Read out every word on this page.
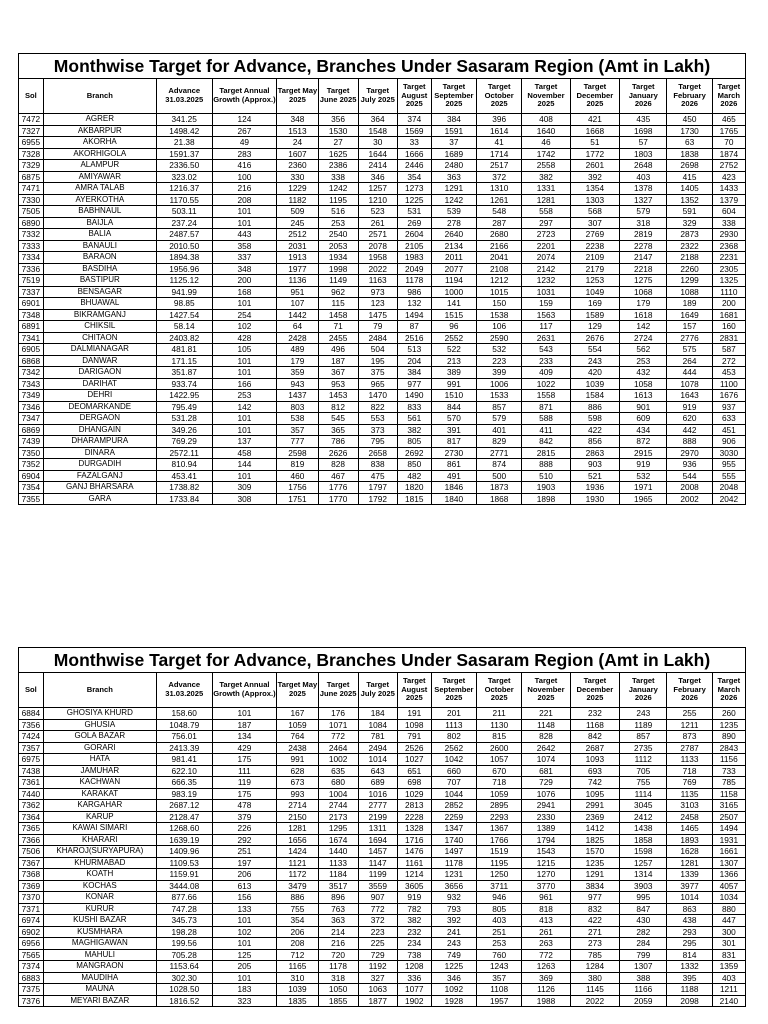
Monthwise Target for Advance, Branches Under Sasaram Region (Amt in Lakh)														
Sol	Branch	Advance 31.03.2025	Target Annual Growth (Approx.)	Target May 2025	Target June 2025	Target July 2025	Target August 2025	Target September 2025	Target October 2025	Target November 2025	Target December 2025	Target January 2026	Target February 2026	Target March 2026
7472	AGRER	341.25	124	348	356	364	374	384	396	408	421	435	450	465
7327	AKBARPUR	1498.42	267	1513	1530	1548	1569	1591	1614	1640	1668	1698	1730	1765
6955	AKORHA	21.38	49	24	27	30	33	37	41	46	51	57	63	70
7328	AKORHIGOLA	1591.37	283	1607	1625	1644	1666	1689	1714	1742	1772	1803	1838	1874
7329	ALAMPUR	2336.50	416	2360	2386	2414	2446	2480	2517	2558	2601	2648	2698	2752
6875	AMIYAWAR	323.02	100	330	338	346	354	363	372	382	392	403	415	423
7471	AMRA TALAB	1216.37	216	1229	1242	1257	1273	1291	1310	1331	1354	1378	1405	1433
7330	AYERKOTHA	1170.55	208	1182	1195	1210	1225	1242	1261	1281	1303	1327	1352	1379
7505	BABHNAUL	503.11	101	509	516	523	531	539	548	558	568	579	591	604
6890	BAIJLA	237.24	101	245	253	261	269	278	287	297	307	318	329	338
7332	BALIA	2487.57	443	2512	2540	2571	2604	2640	2680	2723	2769	2819	2873	2930
7333	BANAULI	2010.50	358	2031	2053	2078	2105	2134	2166	2201	2238	2278	2322	2368
7334	BARAON	1894.38	337	1913	1934	1958	1983	2011	2041	2074	2109	2147	2188	2231
7336	BASDIHA	1956.96	348	1977	1998	2022	2049	2077	2108	2142	2179	2218	2260	2305
7519	BASTIPUR	1125.12	200	1136	1149	1163	1178	1194	1212	1232	1253	1275	1299	1325
7337	BENSAGAR	941.99	168	951	962	973	986	1000	1015	1031	1049	1068	1088	1110
6901	BHUAWAL	98.85	101	107	115	123	132	141	150	159	169	179	189	200
7348	BIKRAMGANJ	1427.54	254	1442	1458	1475	1494	1515	1538	1563	1589	1618	1649	1681
6891	CHIKSIL	58.14	102	64	71	79	87	96	106	117	129	142	157	160
7341	CHITAON	2403.82	428	2428	2455	2484	2516	2552	2590	2631	2676	2724	2776	2831
6905	DALMIANAGAR	481.81	105	489	496	504	513	522	532	543	554	562	575	587
6868	DANWAR	171.15	101	179	187	195	204	213	223	233	243	253	264	272
7342	DARIGAON	351.87	101	359	367	375	384	389	399	409	420	432	444	453
7343	DARIHAT	933.74	166	943	953	965	977	991	1006	1022	1039	1058	1078	1100
7349	DEHRI	1422.95	253	1437	1453	1470	1490	1510	1533	1558	1584	1613	1643	1676
7346	DEOMARKANDE	795.49	142	803	812	822	833	844	857	871	886	901	919	937
7347	DERGAON	531.28	101	538	545	553	561	570	579	588	598	609	620	633
6869	DHANGAIN	349.26	101	357	365	373	382	391	401	411	422	434	442	451
7439	DHARAMPURA	769.29	137	777	786	795	805	817	829	842	856	872	888	906
7350	DINARA	2572.11	458	2598	2626	2658	2692	2730	2771	2815	2863	2915	2970	3030
7352	DURGADIH	810.94	144	819	828	838	850	861	874	888	903	919	936	955
6904	FAZALGANJ	453.41	101	460	467	475	482	491	500	510	521	532	544	555
7354	GANJ BHARSARA	1738.82	309	1756	1776	1797	1820	1846	1873	1903	1936	1971	2008	2048
7355	GARA	1733.84	308	1751	1770	1792	1815	1840	1868	1898	1930	1965	2002	2042
Monthwise Target for Advance, Branches Under Sasaram Region (Amt in Lakh)														
Sol	Branch	Advance 31.03.2025	Target Annual Growth (Approx.)	Target May 2025	Target June 2025	Target July 2025	Target August 2025	Target September 2025	Target October 2025	Target November 2025	Target December 2025	Target January 2026	Target February 2026	Target March 2026
6884	GHOSIYA KHURD	158.60	101	167	176	184	191	201	211	221	232	243	255	260
7356	GHUSIA	1048.79	187	1059	1071	1084	1098	1113	1130	1148	1168	1189	1211	1235
7424	GOLA BAZAR	756.01	134	764	772	781	791	802	815	828	842	857	873	890
7357	GORARI	2413.39	429	2438	2464	2494	2526	2562	2600	2642	2687	2735	2787	2843
6975	HATA	981.41	175	991	1002	1014	1027	1042	1057	1074	1093	1112	1133	1156
7438	JAMUHAR	622.10	111	628	635	643	651	660	670	681	693	705	718	733
7361	KACHWAN	666.35	119	673	680	689	698	707	718	729	742	755	769	785
7440	KARAKAT	983.19	175	993	1004	1016	1029	1044	1059	1076	1095	1114	1135	1158
7362	KARGAHAR	2687.12	478	2714	2744	2777	2813	2852	2895	2941	2991	3045	3103	3165
7364	KARUP	2128.47	379	2150	2173	2199	2228	2259	2293	2330	2369	2412	2458	2507
7365	KAWAI SIMARI	1268.60	226	1281	1295	1311	1328	1347	1367	1389	1412	1438	1465	1494
7366	KHARARI	1639.19	292	1656	1674	1694	1716	1740	1766	1794	1825	1858	1893	1931
7506	KHAROJ(SURYAPURA)	1409.96	251	1424	1440	1457	1476	1497	1519	1543	1570	1598	1628	1661
7367	KHURMABAD	1109.53	197	1121	1133	1147	1161	1178	1195	1215	1235	1257	1281	1307
7368	KOATH	1159.91	206	1172	1184	1199	1214	1231	1250	1270	1291	1314	1339	1366
7369	KOCHAS	3444.08	613	3479	3517	3559	3605	3656	3711	3770	3834	3903	3977	4057
7370	KONAR	877.66	156	886	896	907	919	932	946	961	977	995	1014	1034
7371	KURUR	747.28	133	755	763	772	782	793	805	818	832	847	863	880
6974	KUSHI BAZAR	345.73	101	354	363	372	382	392	403	413	422	430	438	447
6902	KUSMHARA	198.28	102	206	214	223	232	241	251	261	271	282	293	300
6956	MAGHIGAWAN	199.56	101	208	216	225	234	243	253	263	273	284	295	301
7565	MAHULI	705.28	125	712	720	729	738	749	760	772	785	799	814	831
7374	MANGRAON	1153.64	205	1165	1178	1192	1208	1225	1243	1263	1284	1307	1332	1359
6883	MAUDIHA	302.30	101	310	318	327	336	346	357	369	380	388	395	403
7375	MAUNA	1028.50	183	1039	1050	1063	1077	1092	1108	1126	1145	1166	1188	1211
7376	MEYARI BAZAR	1816.52	323	1835	1855	1877	1902	1928	1957	1988	2022	2059	2098	2140
